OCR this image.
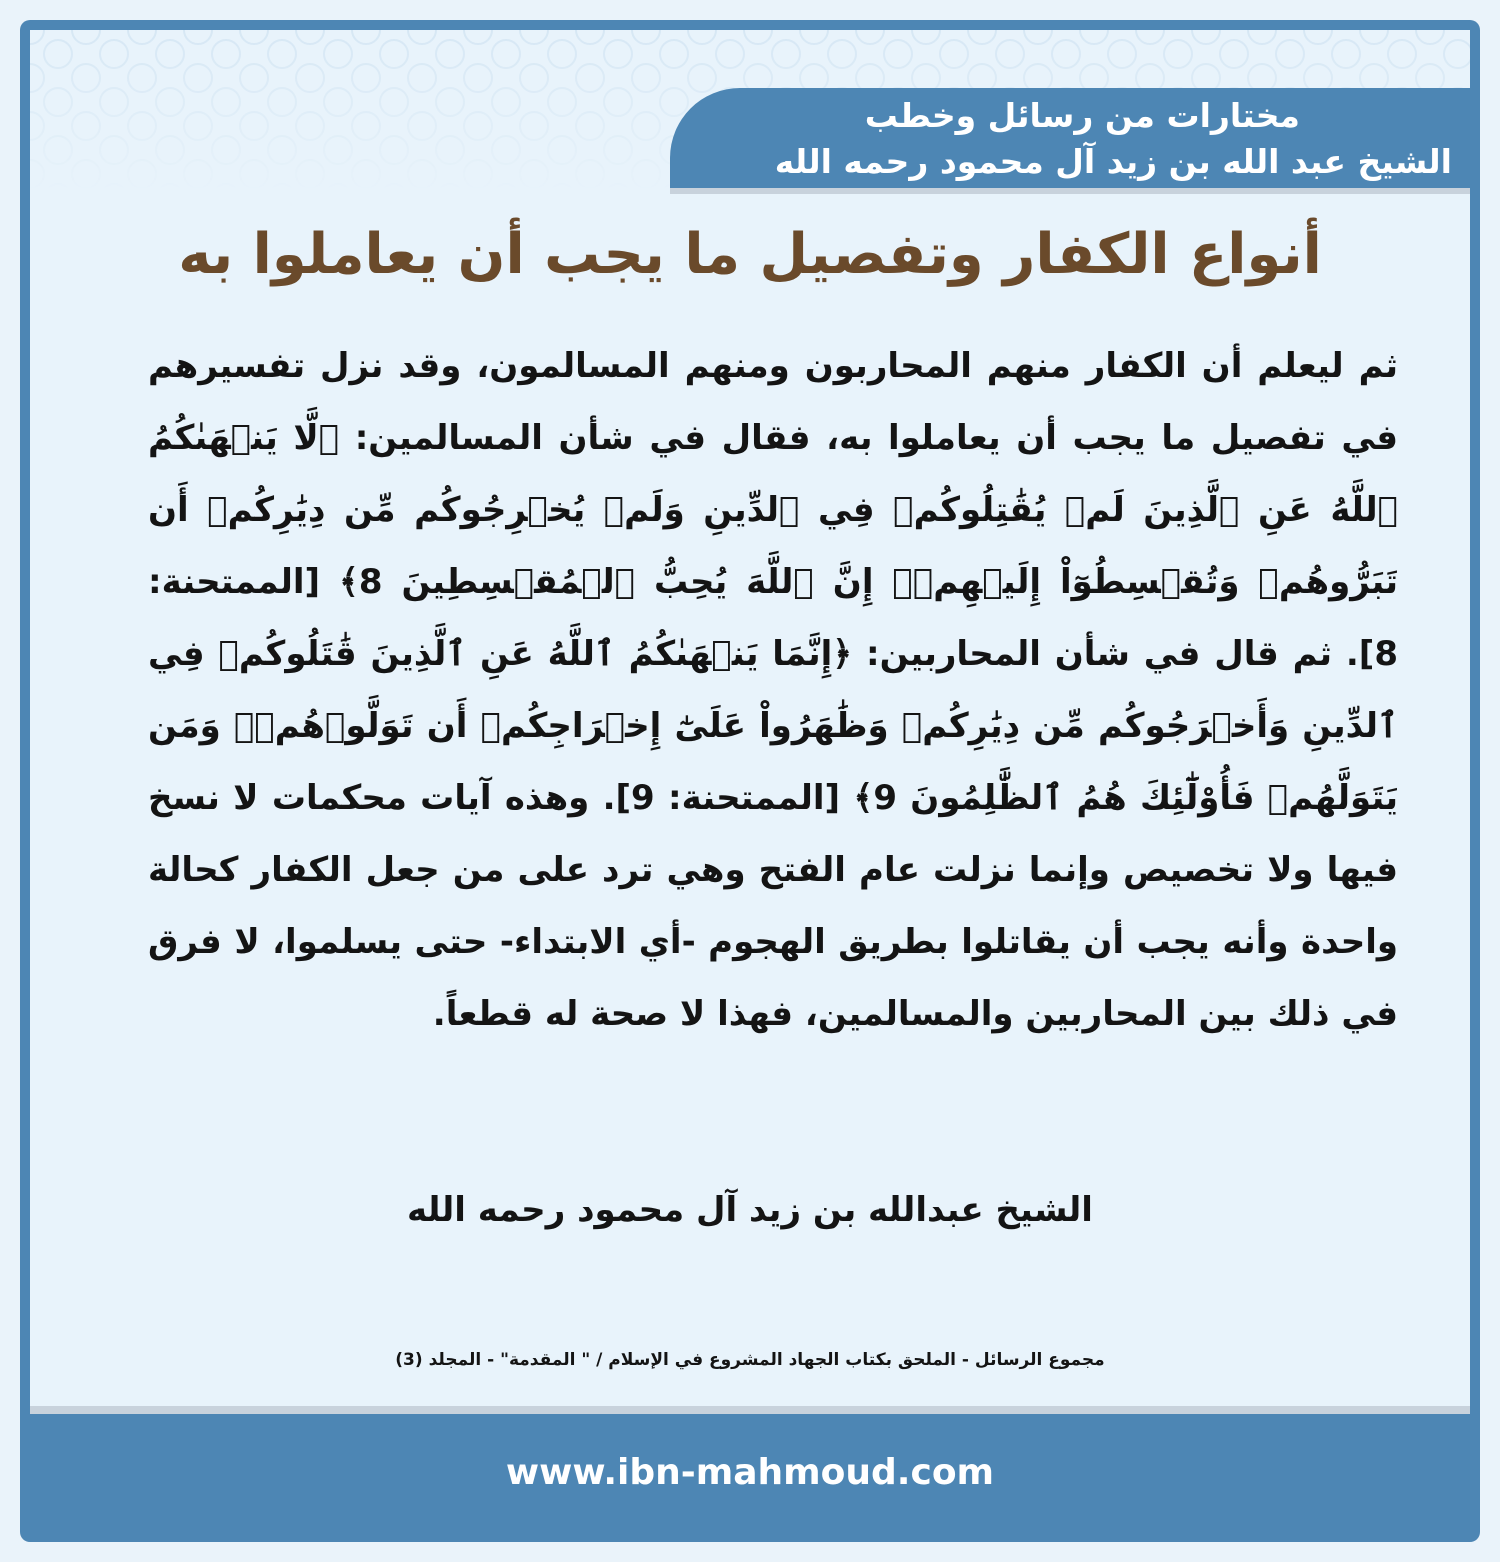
مختارات من رسائل وخطب

الشيخ عبد الله بن زيد آل محمود رحمه الله

أنواع الكفار وتفصيل ما يجب أن يعاملوا به

ثم ليعلم أن الكفار منهم المحاربون ومنهم المسالمون، وقد نزل تفسيرهم في تفصيل ما يجب أن يعاملوا به، فقال في شأن المسالمين: ﴿لَّا يَنۡهَىٰكُمُ ٱللَّهُ عَنِ ٱلَّذِينَ لَمۡ يُقَٰتِلُوكُمۡ فِي ٱلدِّينِ وَلَمۡ يُخۡرِجُوكُم مِّن دِيَٰرِكُمۡ أَن تَبَرُّوهُمۡ وَتُقۡسِطُوٓاْ إِلَيۡهِمۡۚ إِنَّ ٱللَّهَ يُحِبُّ ٱلۡمُقۡسِطِينَ 8﴾ [الممتحنة: 8]. ثم قال في شأن المحاربين: ﴿إِنَّمَا يَنۡهَىٰكُمُ ٱللَّهُ عَنِ ٱلَّذِينَ قَٰتَلُوكُمۡ فِي ٱلدِّينِ وَأَخۡرَجُوكُم مِّن دِيَٰرِكُمۡ وَظَٰهَرُواْ عَلَىٰٓ إِخۡرَاجِكُمۡ أَن تَوَلَّوۡهُمۡۚ وَمَن يَتَوَلَّهُمۡ فَأُوْلَٰٓئِكَ هُمُ ٱلظَّٰلِمُونَ 9﴾ [الممتحنة: 9]. وهذه آيات محكمات لا نسخ فيها ولا تخصيص وإنما نزلت عام الفتح وهي ترد على من جعل الكفار كحالة واحدة وأنه يجب أن يقاتلوا بطريق الهجوم -أي الابتداء- حتى يسلموا، لا فرق في ذلك بين المحاربين والمسالمين، فهذا لا صحة له قطعاً.

الشيخ عبدالله بن زيد آل محمود رحمه الله

مجموع الرسائل - الملحق بكتاب الجهاد المشروع في الإسلام / " المقدمة" - المجلد (3)

www.ibn-mahmoud.com
